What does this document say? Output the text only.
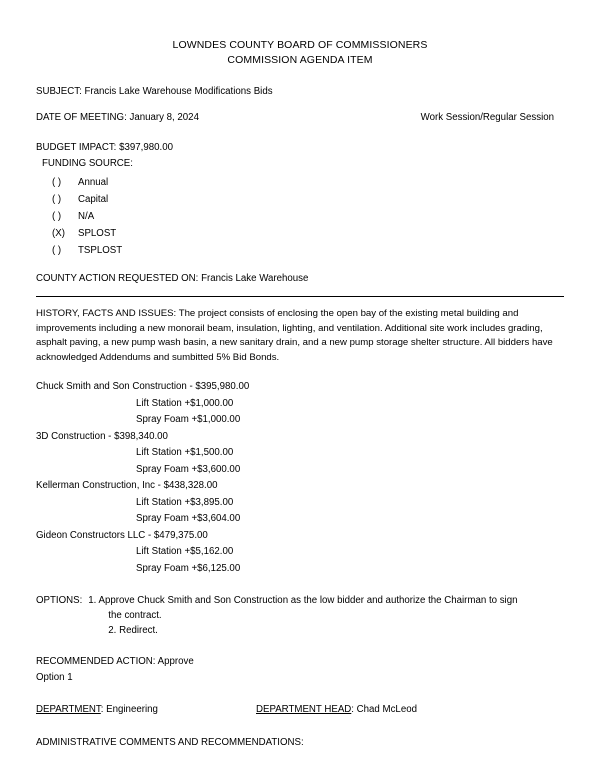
LOWNDES COUNTY BOARD OF COMMISSIONERS
COMMISSION AGENDA ITEM
SUBJECT: Francis Lake Warehouse Modifications Bids
DATE OF MEETING: January 8, 2024	Work Session/Regular Session
BUDGET IMPACT: $397,980.00
FUNDING SOURCE:
( )	Annual
( )	Capital
( )	N/A
(X)	SPLOST
( )	TSPLOST
COUNTY ACTION REQUESTED ON: Francis Lake Warehouse
HISTORY, FACTS AND ISSUES: The project consists of enclosing the open bay of the existing metal building and improvements including a new monorail beam, insulation, lighting, and ventilation. Additional site work includes grading, asphalt paving, a new pump wash basin, a new sanitary drain, and a new pump storage shelter structure. All bidders have acknowledged Addendums and sumbitted 5% Bid Bonds.
Chuck Smith and Son Construction - $395,980.00
Lift Station +$1,000.00
Spray Foam +$1,000.00
3D Construction - $398,340.00
Lift Station +$1,500.00
Spray Foam +$3,600.00
Kellerman Construction, Inc - $438,328.00
Lift Station +$3,895.00
Spray Foam +$3,604.00
Gideon Constructors LLC - $479,375.00
Lift Station +$5,162.00
Spray Foam +$6,125.00
OPTIONS: 1. Approve Chuck Smith and Son Construction as the low bidder and authorize the Chairman to sign
the contract.
2. Redirect.
RECOMMENDED ACTION: Approve
Option 1
DEPARTMENT: Engineering	DEPARTMENT HEAD: Chad McLeod
ADMINISTRATIVE COMMENTS AND RECOMMENDATIONS:
